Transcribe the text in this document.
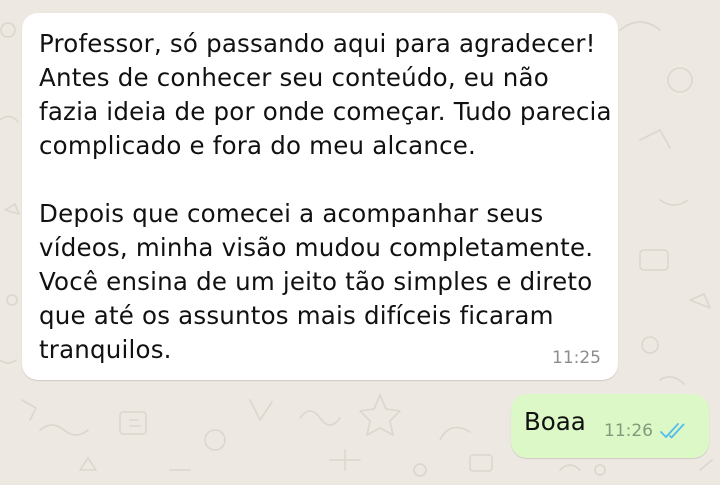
Professor, só passando aqui para agradecer!
Antes de conhecer seu conteúdo, eu não
fazia ideia de por onde começar. Tudo parecia
complicado e fora do meu alcance.
Depois que comecei a acompanhar seus
vídeos, minha visão mudou completamente.
Você ensina de um jeito tão simples e direto
que até os assuntos mais difíceis ficaram
tranquilos.	11:25
Boaa 11:26
